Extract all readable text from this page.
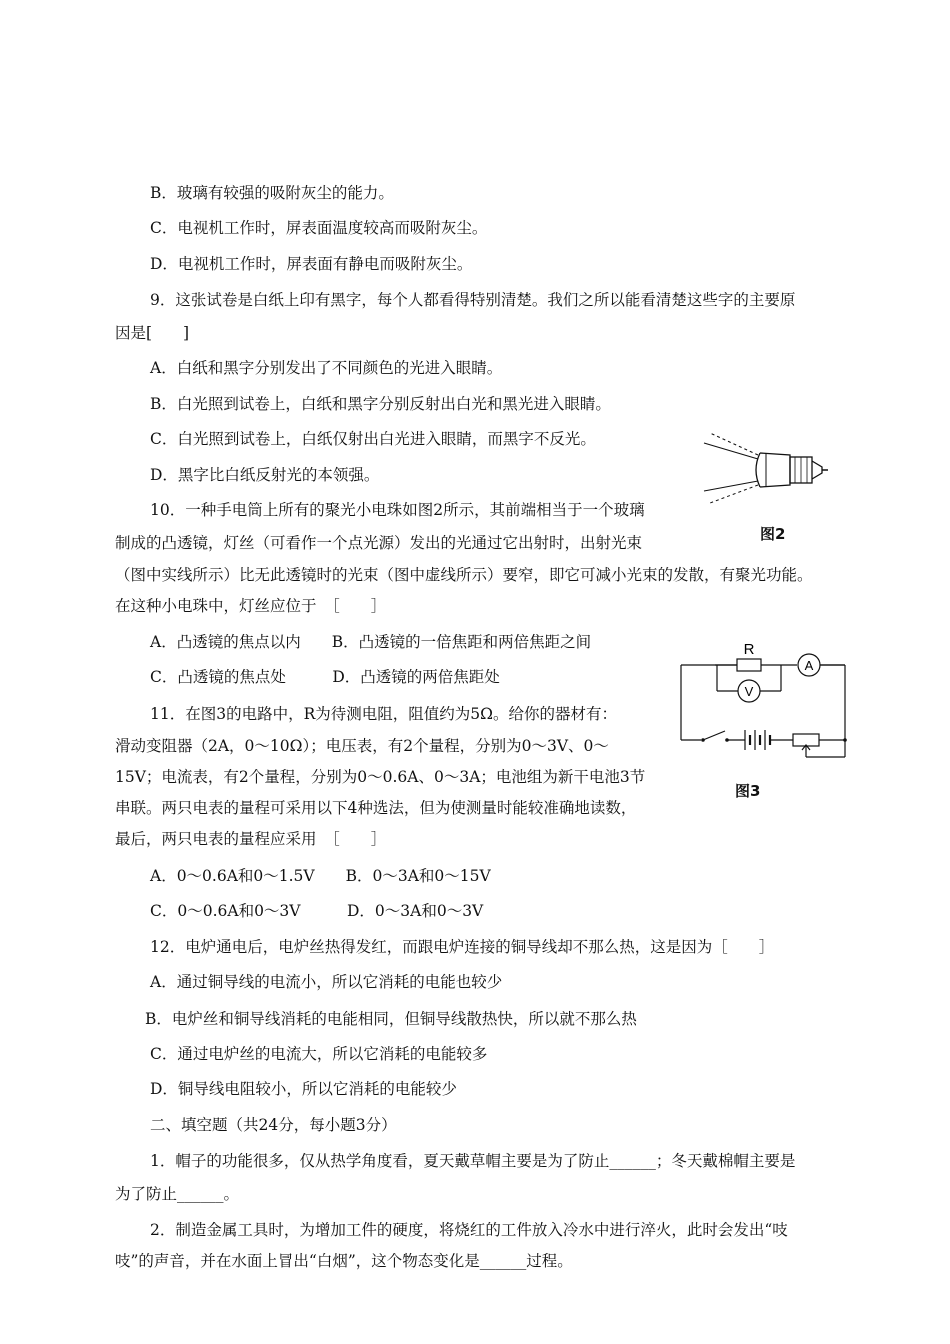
B．玻璃有较强的吸附灰尘的能力。
C．电视机工作时，屏表面温度较高而吸附灰尘。
D．电视机工作时，屏表面有静电而吸附灰尘。
9．这张试卷是白纸上印有黑字，每个人都看得特别清楚。我们之所以能看清楚这些字的主要原
因是[　　]
A．白纸和黑字分别发出了不同颜色的光进入眼睛。
B．白光照到试卷上，白纸和黑字分别反射出白光和黑光进入眼睛。
C．白光照到试卷上，白纸仅射出白光进入眼睛，而黑字不反光。
D．黑字比白纸反射光的本领强。
10．一种手电筒上所有的聚光小电珠如图2所示，其前端相当于一个玻璃
制成的凸透镜，灯丝（可看作一个点光源）发出的光通过它出射时，出射光束
（图中实线所示）比无此透镜时的光束（图中虚线所示）要窄，即它可减小光束的发散，有聚光功能。
在这种小电珠中，灯丝应位于　［　　］
A．凸透镜的焦点以内　　B．凸透镜的一倍焦距和两倍焦距之间
C．凸透镜的焦点处　　　D．凸透镜的两倍焦距处
11．在图3的电路中，R为待测电阻，阻值约为5Ω。给你的器材有：
滑动变阻器（2A，0～10Ω）；电压表，有2个量程，分别为0～3V、0～
15V；电流表，有2个量程，分别为0～0.6A、0～3A；电池组为新干电池3节
串联。两只电表的量程可采用以下4种选法，但为使测量时能较准确地读数，
最后，两只电表的量程应采用　［　　］
A．0～0.6A和0～1.5V　　B．0～3A和0～15V
C．0～0.6A和0～3V　　　D．0～3A和0～3V
12．电炉通电后，电炉丝热得发红，而跟电炉连接的铜导线却不那么热，这是因为［　　］
A．通过铜导线的电流小，所以它消耗的电能也较少
B．电炉丝和铜导线消耗的电能相同，但铜导线散热快，所以就不那么热
C．通过电炉丝的电流大，所以它消耗的电能较多
D．铜导线电阻较小，所以它消耗的电能较少
二、填空题（共24分，每小题3分）
1．帽子的功能很多，仅从热学角度看，夏天戴草帽主要是为了防止______；冬天戴棉帽主要是
为了防止______。
2．制造金属工具时，为增加工件的硬度，将烧红的工件放入冷水中进行淬火，此时会发出“吱
吱”的声音，并在水面上冒出“白烟”，这个物态变化是______过程。
图2
R
A
V
图3
